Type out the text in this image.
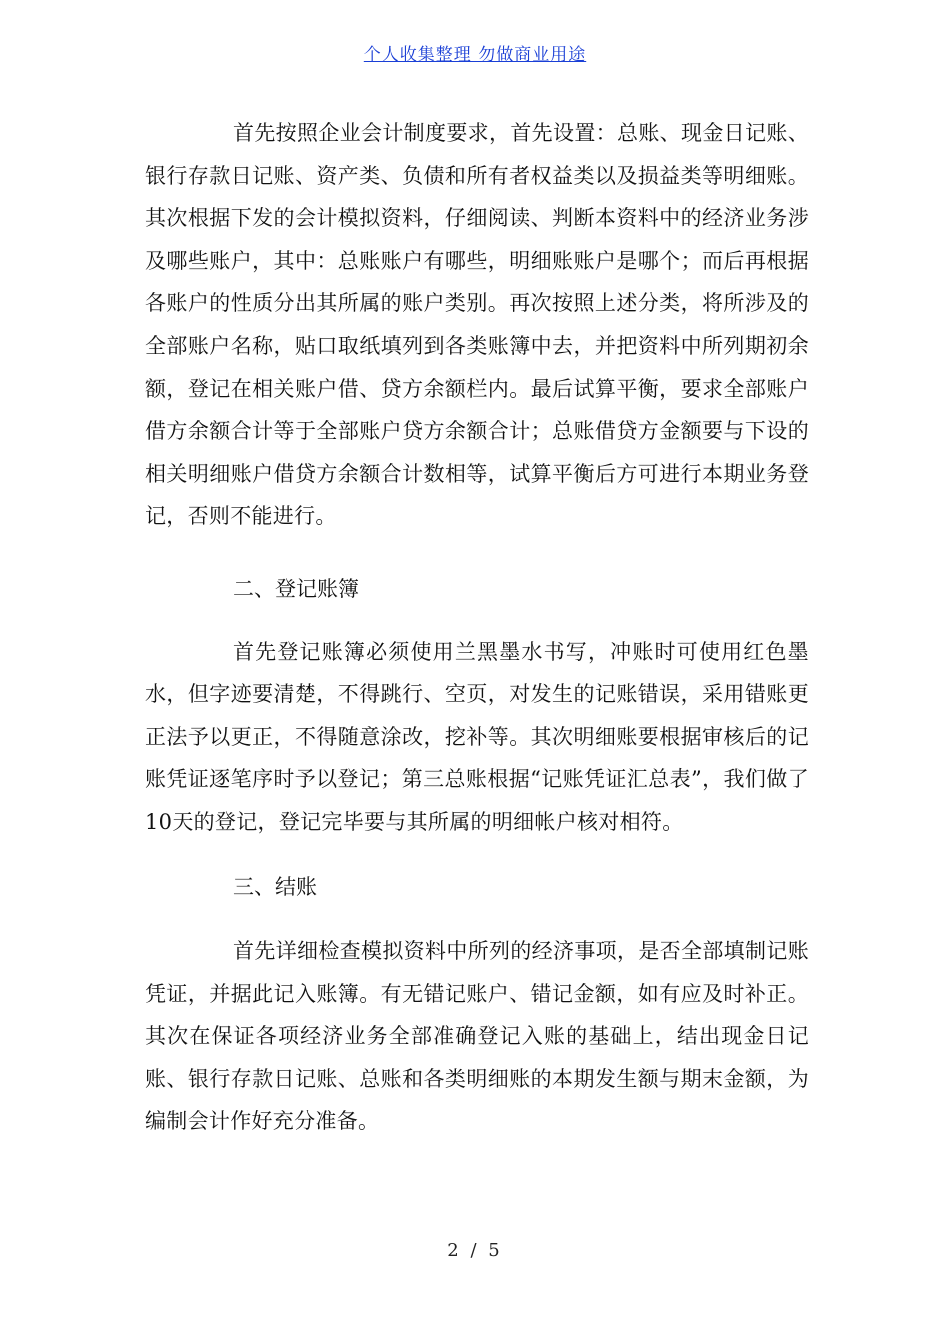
个人收集整理 勿做商业用途

首先按照企业会计制度要求，首先设置：总账、现金日记账、银行存款日记账、资产类、负债和所有者权益类以及损益类等明细账。其次根据下发的会计模拟资料，仔细阅读、判断本资料中的经济业务涉及哪些账户，其中：总账账户有哪些，明细账账户是哪个；而后再根据各账户的性质分出其所属的账户类别。再次按照上述分类，将所涉及的全部账户名称，贴口取纸填列到各类账簿中去，并把资料中所列期初余额，登记在相关账户借、贷方余额栏内。最后试算平衡，要求全部账户借方余额合计等于全部账户贷方余额合计；总账借贷方金额要与下设的相关明细账户借贷方余额合计数相等，试算平衡后方可进行本期业务登记，否则不能进行。

二、登记账簿

首先登记账簿必须使用兰黑墨水书写，冲账时可使用红色墨水，但字迹要清楚，不得跳行、空页，对发生的记账错误，采用错账更正法予以更正，不得随意涂改，挖补等。其次明细账要根据审核后的记账凭证逐笔序时予以登记；第三总账根据“记账凭证汇总表”，我们做了10天的登记，登记完毕要与其所属的明细帐户核对相符。

三、结账

首先详细检查模拟资料中所列的经济事项，是否全部填制记账凭证，并据此记入账簿。有无错记账户、错记金额，如有应及时补正。其次在保证各项经济业务全部准确登记入账的基础上，结出现金日记账、银行存款日记账、总账和各类明细账的本期发生额与期末金额，为编制会计作好充分准备。

2 / 5
